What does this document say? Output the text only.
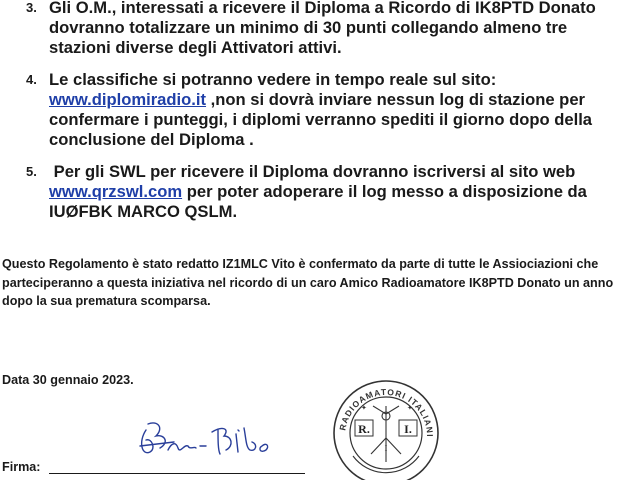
3. Gli O.M., interessati a ricevere il Diploma a Ricordo di IK8PTD Donato dovranno totalizzare un minimo di 30 punti collegando almeno tre stazioni diverse degli Attivatori attivi.
4. Le classifiche si potranno vedere in tempo reale sul sito:
www.diplomiradio.it ,non si dovrà inviare nessun log di stazione per confermare i punteggi, i diplomi verranno spediti il giorno dopo della conclusione del Diploma .
5. Per gli SWL per ricevere il Diploma dovranno iscriversi al sito web www.qrzswl.com per poter adoperare il log messo a disposizione da IUØFBK MARCO QSLM.
Questo Regolamento è stato redatto IZ1MLC Vito è confermato da parte di tutte le Assiociazioni che parteciperanno a questa iniziativa nel ricordo di un caro Amico Radioamatore IK8PTD Donato un anno dopo la sua prematura scomparsa.
Data 30 gennaio 2023.
Firma:
RADIOAMATORI ITALIANI
R.	I.
I
✦	✦
